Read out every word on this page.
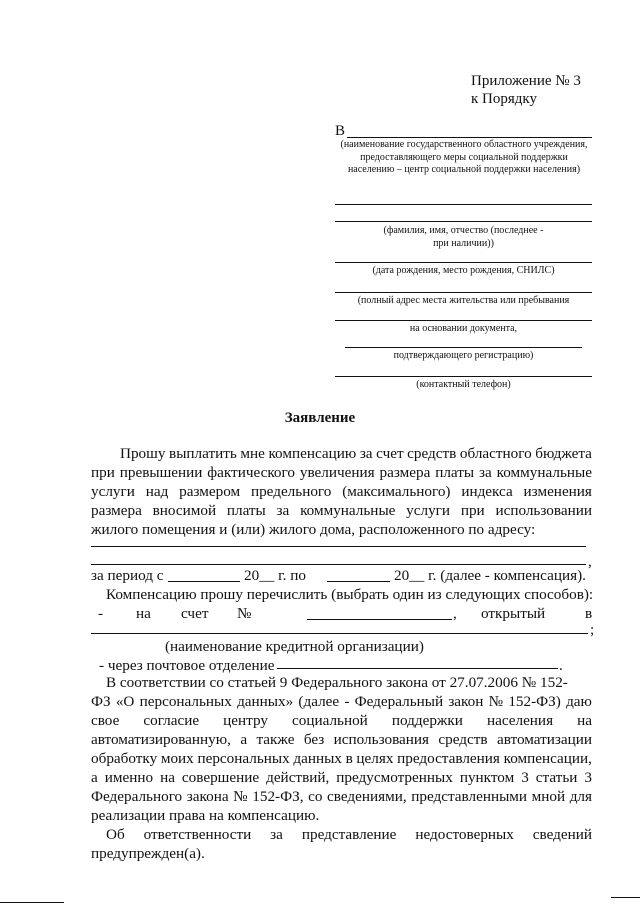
Приложение № 3
к Порядку
В
(наименование государственного областного учреждения, предоставляющего меры социальной поддержки населению – центр социальной поддержки населения)
(фамилия, имя, отчество (последнее -
при наличии))
(дата рождения, место рождения, СНИЛС)
(полный адрес места жительства или пребывания
на основании документа,
подтверждающего регистрацию)
(контактный телефон)
Заявление
Прошу выплатить мне компенсацию за счет средств областного бюджета
при превышении фактического увеличения размера платы за коммунальные
услуги над размером предельного (максимального) индекса изменения
размера вносимой платы за коммунальные услуги при использовании
жилого помещения и (или) жилого дома, расположенного по адресу:
,
за период с	20__ г. по	20__ г. (далее - компенсация).
Компенсацию прошу перечислить (выбрать один из следующих способов):
- на счет №	, открытый	в
;
(наименование кредитной организации)
- через почтовое отделение	.
В соответствии со статьей 9 Федерального закона от 27.07.2006 № 152-
ФЗ «О персональных данных» (далее - Федеральный закон № 152-ФЗ) даю
свое согласие центру социальной поддержки населения на
автоматизированную, а также без использования средств автоматизации
обработку моих персональных данных в целях предоставления компенсации,
а именно на совершение действий, предусмотренных пунктом 3 статьи 3
Федерального закона № 152-ФЗ, со сведениями, представленными мной для
реализации права на компенсацию.
Об ответственности за представление недостоверных сведений
предупрежден(а).
